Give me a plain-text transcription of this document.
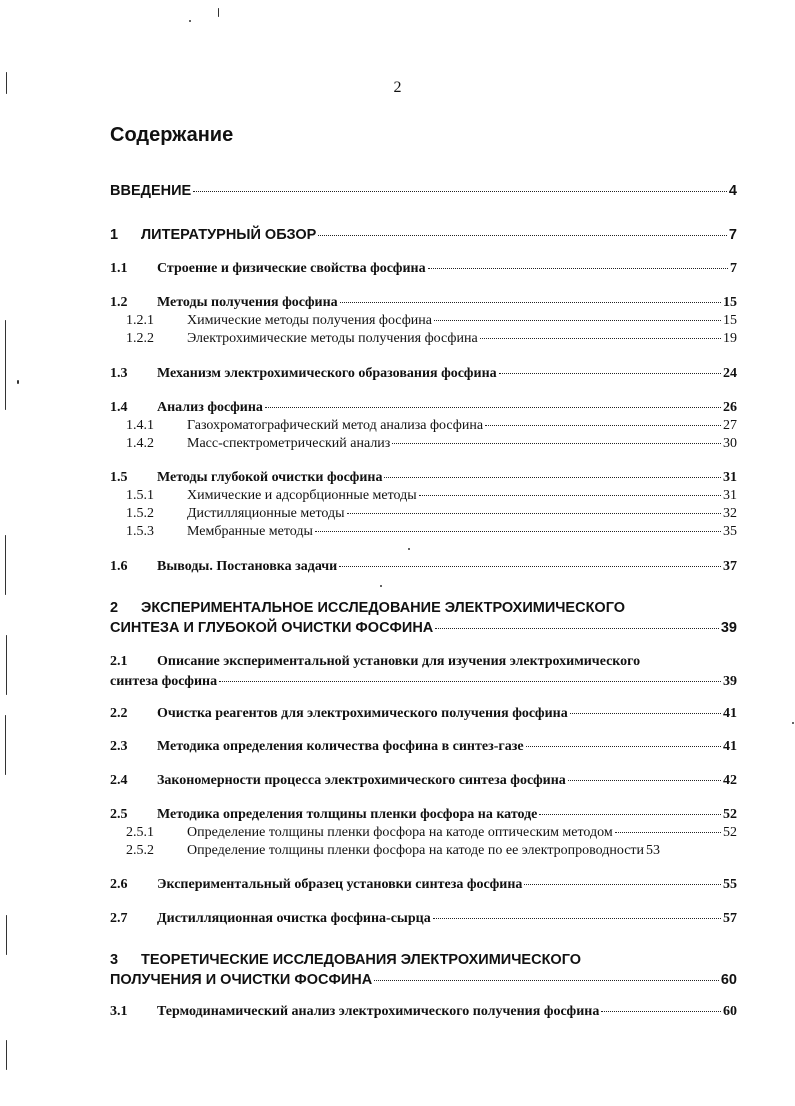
2
Содержание
ВВЕДЕНИЕ	4
1	ЛИТЕРАТУРНЫЙ ОБЗОР	7
1.1	Строение и физические свойства фосфина	7
1.2	Методы получения фосфина	15
1.2.1	Химические методы получения фосфина	15
1.2.2	Электрохимические методы получения фосфина	19
1.3	Механизм электрохимического образования фосфина	24
1.4	Анализ фосфина	26
1.4.1	Газохроматографический метод анализа фосфина	27
1.4.2	Масс-спектрометрический анализ	30
1.5	Методы глубокой очистки фосфина	31
1.5.1	Химические и адсорбционные методы	31
1.5.2	Дистилляционные методы	32
1.5.3	Мембранные методы	35
1.6	Выводы. Постановка задачи	37
2 ЭКСПЕРИМЕНТАЛЬНОЕ ИССЛЕДОВАНИЕ ЭЛЕКТРОХИМИЧЕСКОГО
СИНТЕЗА И ГЛУБОКОЙ ОЧИСТКИ ФОСФИНА	39
2.1 Описание экспериментальной установки для изучения электрохимического
синтеза фосфина	39
2.2	Очистка реагентов для электрохимического получения фосфина	41
2.3	Методика определения количества фосфина в синтез-газе	41
2.4	Закономерности процесса электрохимического синтеза фосфина	42
2.5	Методика определения толщины пленки фосфора на катоде	52
2.5.1	Определение толщины пленки фосфора на катоде оптическим методом	52
2.5.2	Определение толщины пленки фосфора на катоде по ее электропроводности 53
2.6	Экспериментальный образец установки синтеза фосфина	55
2.7	Дистилляционная очистка фосфина-сырца	57
3 ТЕОРЕТИЧЕСКИЕ ИССЛЕДОВАНИЯ ЭЛЕКТРОХИМИЧЕСКОГО
ПОЛУЧЕНИЯ И ОЧИСТКИ ФОСФИНА	60
3.1	Термодинамический анализ электрохимического получения фосфина	60
